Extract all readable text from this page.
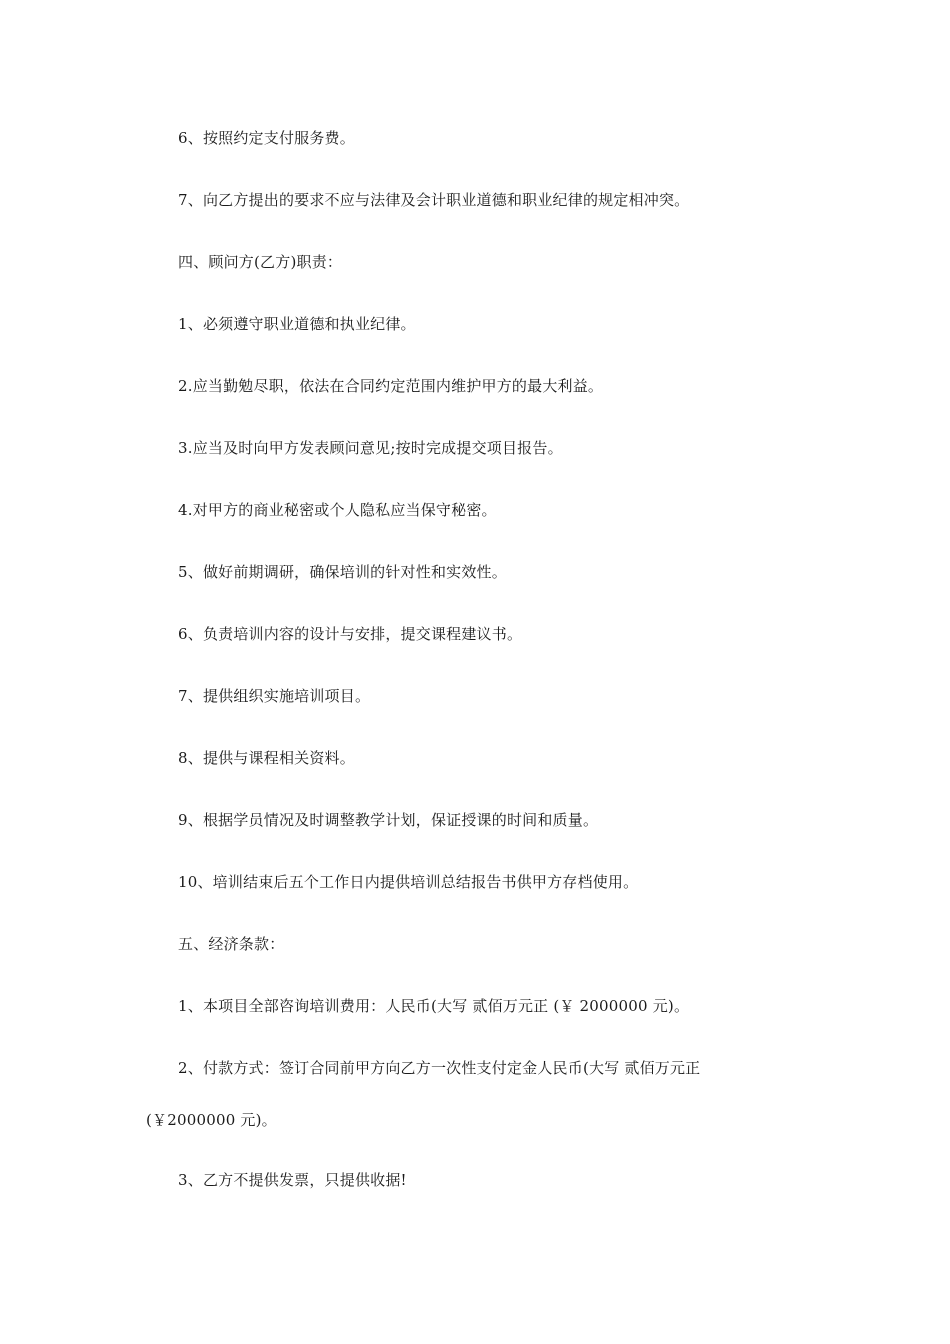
6、按照约定支付服务费。
7、向乙方提出的要求不应与法律及会计职业道德和职业纪律的规定相冲突。
四、顾问方(乙方)职责：
1、必须遵守职业道德和执业纪律。
2.应当勤勉尽职，依法在合同约定范围内维护甲方的最大利益。
3.应当及时向甲方发表顾问意见;按时完成提交项目报告。
4.对甲方的商业秘密或个人隐私应当保守秘密。
5、做好前期调研，确保培训的针对性和实效性。
6、负责培训内容的设计与安排，提交课程建议书。
7、提供组织实施培训项目。
8、提供与课程相关资料。
9、根据学员情况及时调整教学计划，保证授课的时间和质量。
10、培训结束后五个工作日内提供培训总结报告书供甲方存档使用。
五、经济条款：
1、本项目全部咨询培训费用：人民币(大写 贰佰万元正 (￥ 2000000 元)。
2、付款方式：签订合同前甲方向乙方一次性支付定金人民币(大写 贰佰万元正
(￥2000000 元)。
3、乙方不提供发票，只提供收据!
